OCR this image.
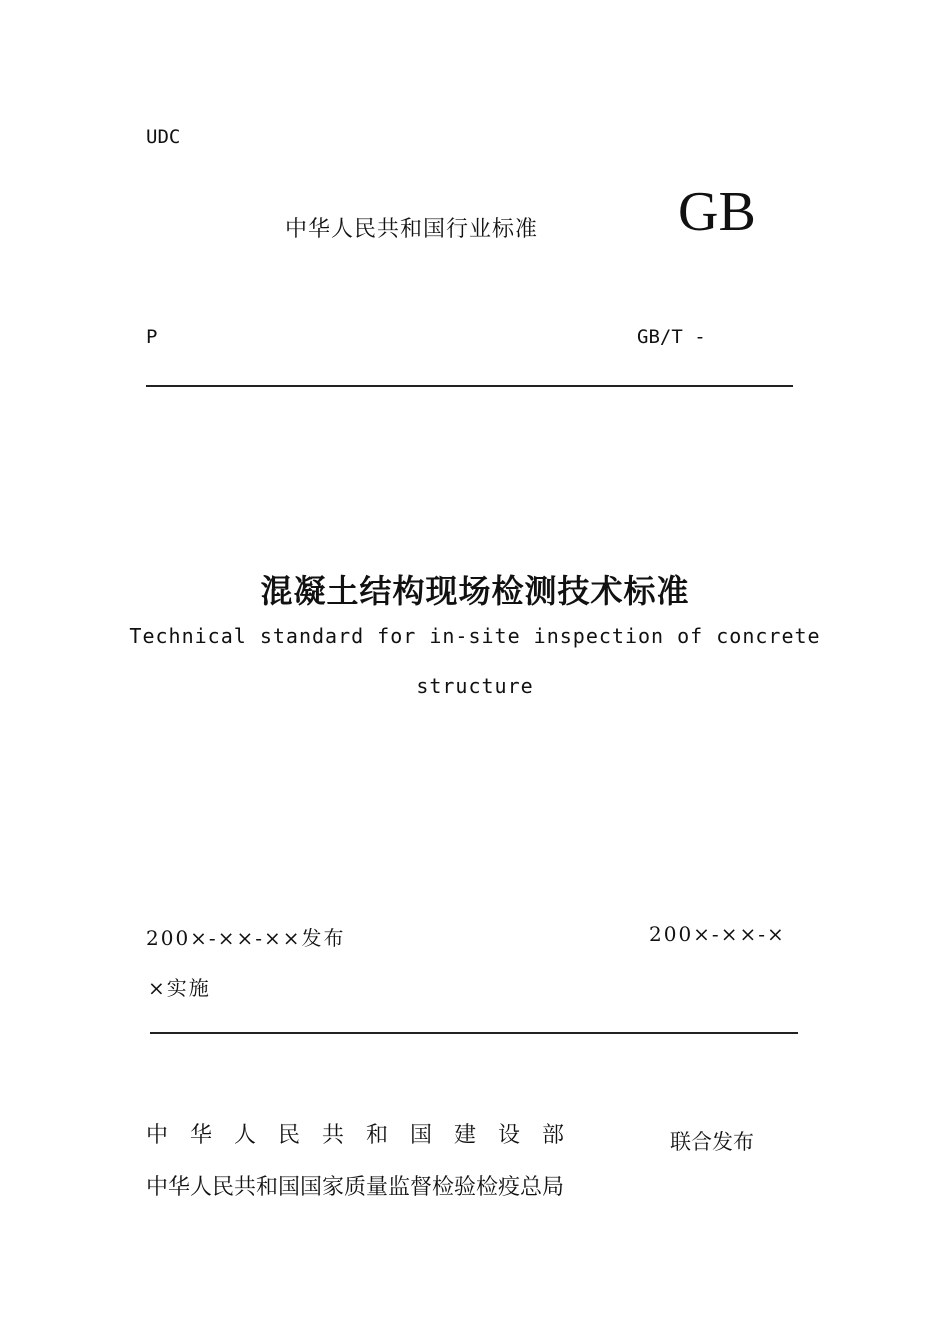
UDC
中华人民共和国行业标准 GB
P	GB/T -
混凝土结构现场检测技术标准
Technical standard for in-site inspection of concrete
structure
200×-××-××发布	200×-××-×
×实施
中华人民共和国建设部	联合发布
中华人民共和国国家质量监督检验检疫总局
